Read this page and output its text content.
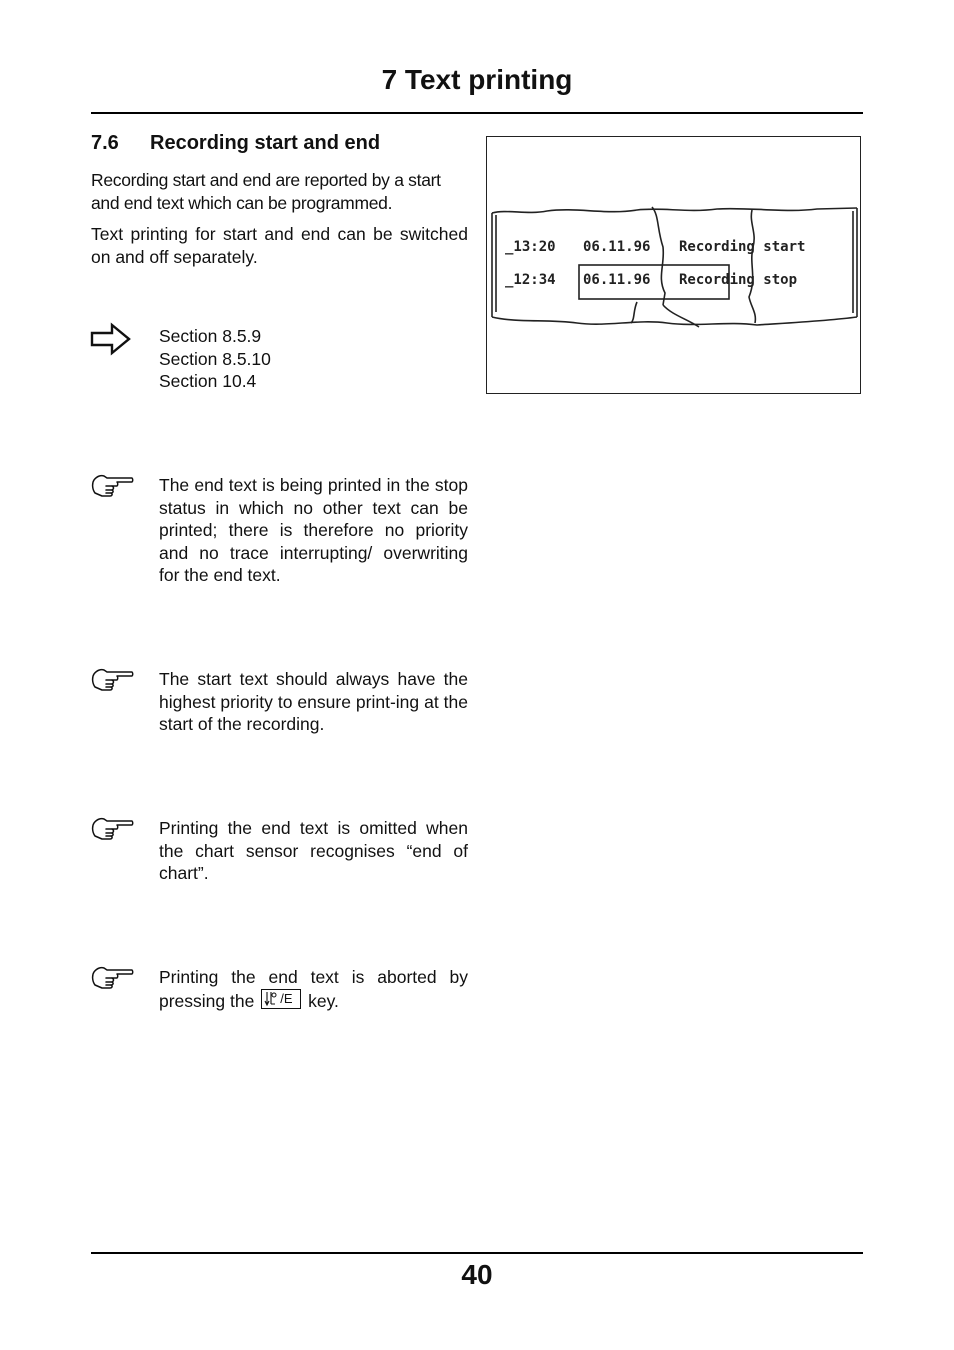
7 Text printing
7.6 Recording start and end

Recording start and end are reported by a start and end text which can be programmed.

Text printing for start and end can be switched on and off separately.

Section 8.5.9
Section 8.5.10
Section 10.4

The end text is being printed in the stop status in which no other text can be printed; there is therefore no priority and no trace interrupting/ overwriting for the end text.

The start text should always have the highest priority to ensure print-ing at the start of the recording.

Printing the end text is omitted when the chart sensor recognises “end of chart”.

Printing the end text is aborted by pressing the /E key.

_13:20 06.11.96 Recording start
_12:34 06.11.96 Recording stop
40
